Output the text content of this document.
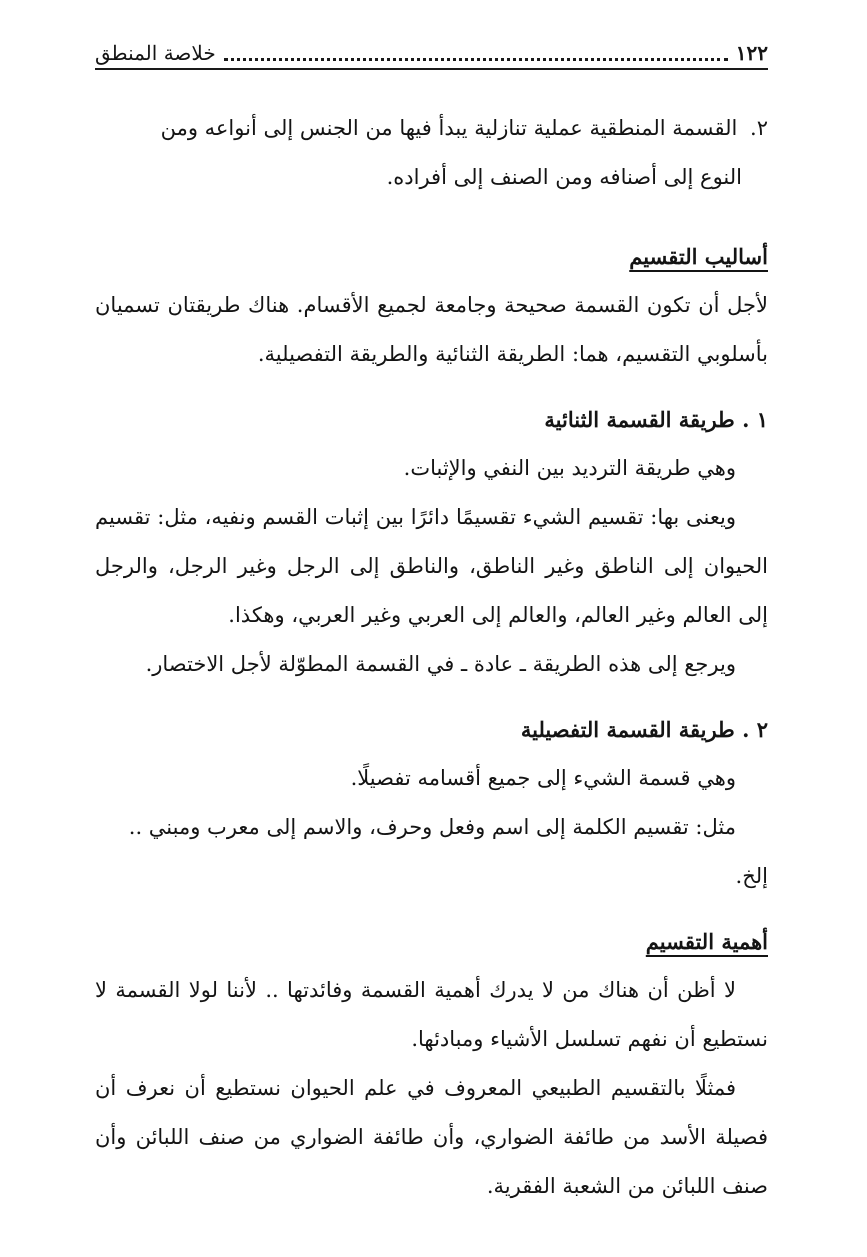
١٢٢
خلاصة المنطق

٢. القسمة المنطقية عملية تنازلية يبدأ فيها من الجنس إلى أنواعه ومن
النوع إلى أصنافه ومن الصنف إلى أفراده.

أساليب التقسيم

لأجل أن تكون القسمة صحيحة وجامعة لجميع الأقسام. هناك طريقتان تسميان بأسلوبي التقسيم، هما: الطريقة الثنائية والطريقة التفصيلية.

١ . طريقة القسمة الثنائية

وهي طريقة الترديد بين النفي والإثبات.

ويعنى بها: تقسيم الشيء تقسيمًا دائرًا بين إثبات القسم ونفيه، مثل: تقسيم الحيوان إلى الناطق وغير الناطق، والناطق إلى الرجل وغير الرجل، والرجل إلى العالم وغير العالم، والعالم إلى العربي وغير العربي، وهكذا.

ويرجع إلى هذه الطريقة ـ عادة ـ في القسمة المطوّلة لأجل الاختصار.

٢ . طريقة القسمة التفصيلية

وهي قسمة الشيء إلى جميع أقسامه تفصيلًا.

مثل: تقسيم الكلمة إلى اسم وفعل وحرف، والاسم إلى معرب ومبني ..

إلخ.

أهمية التقسيم

لا أظن أن هناك من لا يدرك أهمية القسمة وفائدتها .. لأننا لولا القسمة لا نستطيع أن نفهم تسلسل الأشياء ومبادئها.

فمثلًا بالتقسيم الطبيعي المعروف في علم الحيوان نستطيع أن نعرف أن فصيلة الأسد من طائفة الضواري، وأن طائفة الضواري من صنف اللبائن وأن صنف اللبائن من الشعبة الفقرية.
